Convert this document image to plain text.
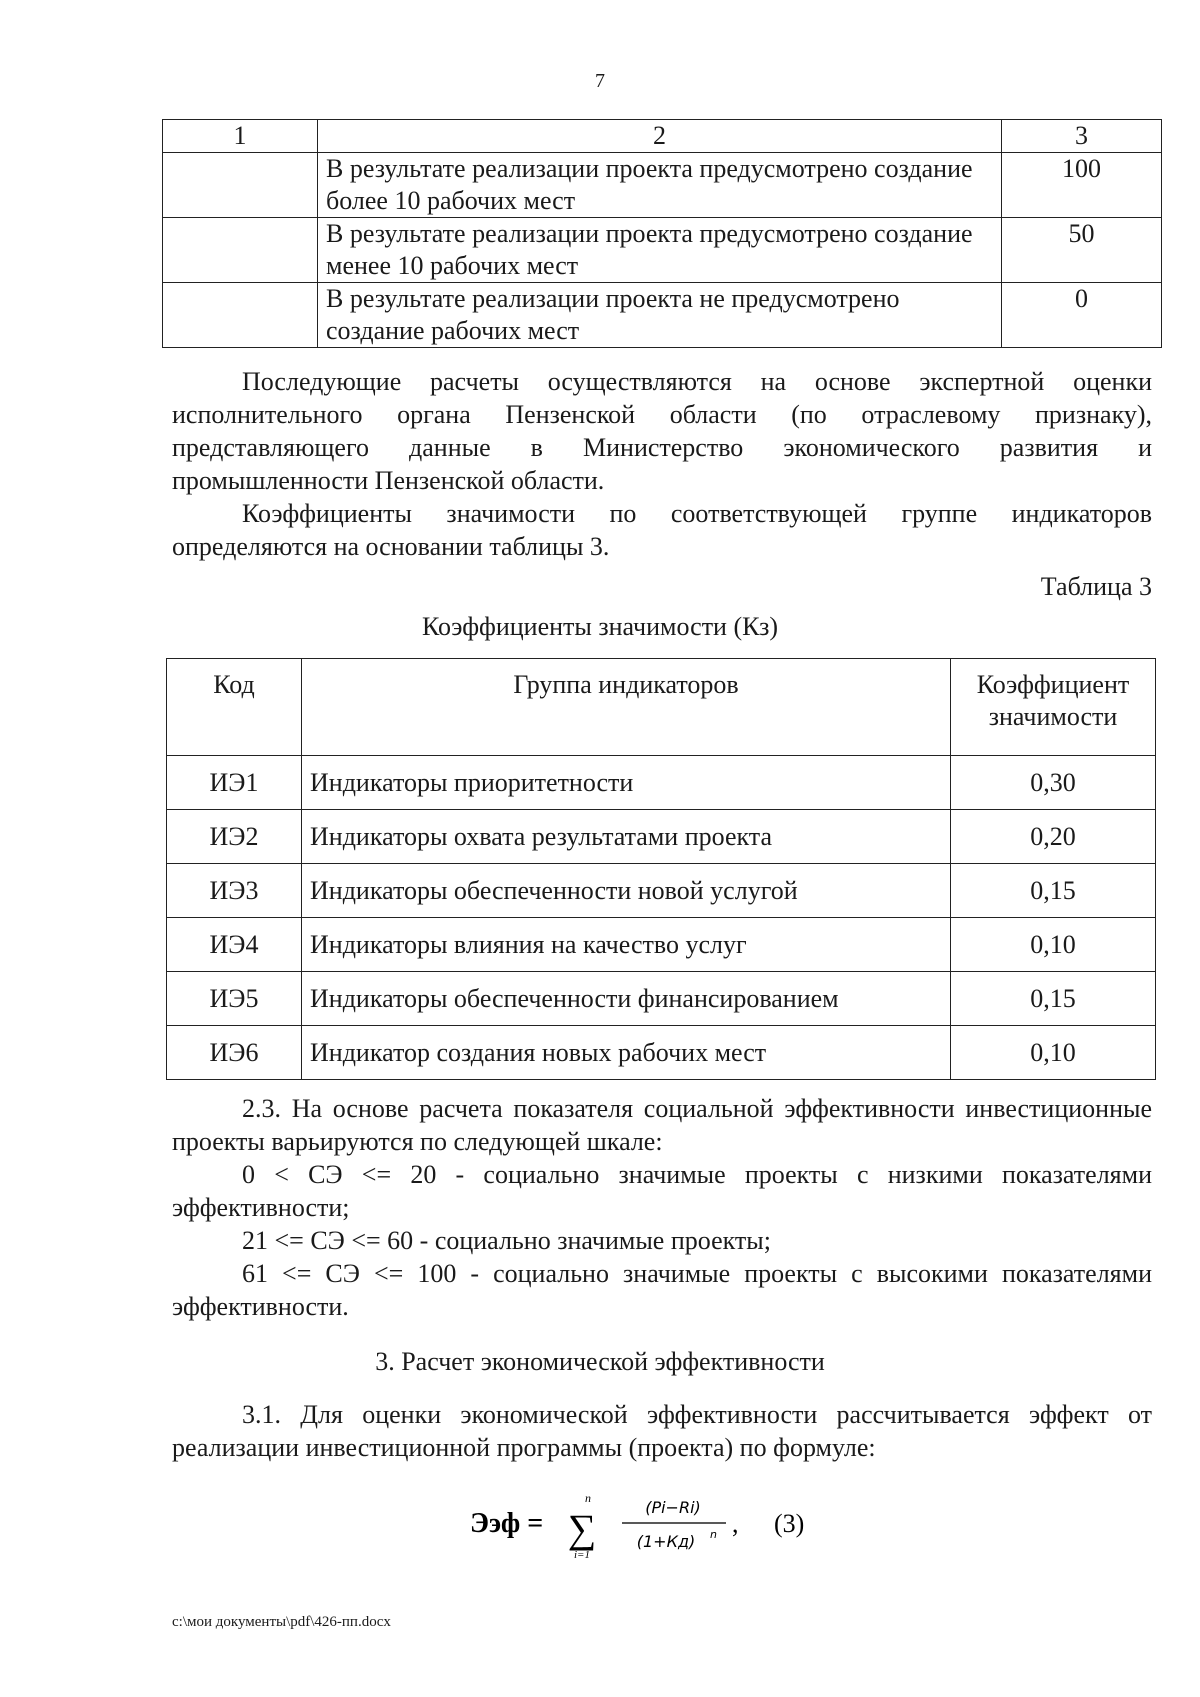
7
1	2	3
	В результате реализации проекта предусмотрено создание более 10 рабочих мест	100
	В результате реализации проекта предусмотрено создание менее 10 рабочих мест	50
	В результате реализации проекта не предусмотрено создание рабочих мест	0

Последующие расчеты осуществляются на основе экспертной оценки исполнительного органа Пензенской области (по отраслевому признаку), представляющего данные в Министерство экономического развития и промышленности Пензенской области.

Коэффициенты значимости по соответствующей группе индикаторов определяются на основании таблицы 3.

Таблица 3
Коэффициенты значимости (Кз)
Код	Группа индикаторов	Коэффициент значимости
ИЭ1	Индикаторы приоритетности	0,30
ИЭ2	Индикаторы охвата результатами проекта	0,20
ИЭ3	Индикаторы обеспеченности новой услугой	0,15
ИЭ4	Индикаторы влияния на качество услуг	0,10
ИЭ5	Индикаторы обеспеченности финансированием	0,15
ИЭ6	Индикатор создания новых рабочих мест	0,10

2.3. На основе расчета показателя социальной эффективности инвестиционные проекты варьируются по следующей шкале:

0 < СЭ <= 20 - социально значимые проекты с низкими показателями эффективности;

21 <= СЭ <= 60 - социально значимые проекты;

61 <= СЭ <= 100 - социально значимые проекты с высокими показателями эффективности.

3. Расчет экономической эффективности

3.1. Для оценки экономической эффективности рассчитывается эффект от реализации инвестиционной программы (проекта) по формуле:

Ээф =
n
∑
i=1
(Pi−Ri)
(1+Кд) n , (3)
c:\мои документы\pdf\426-пп.docx
